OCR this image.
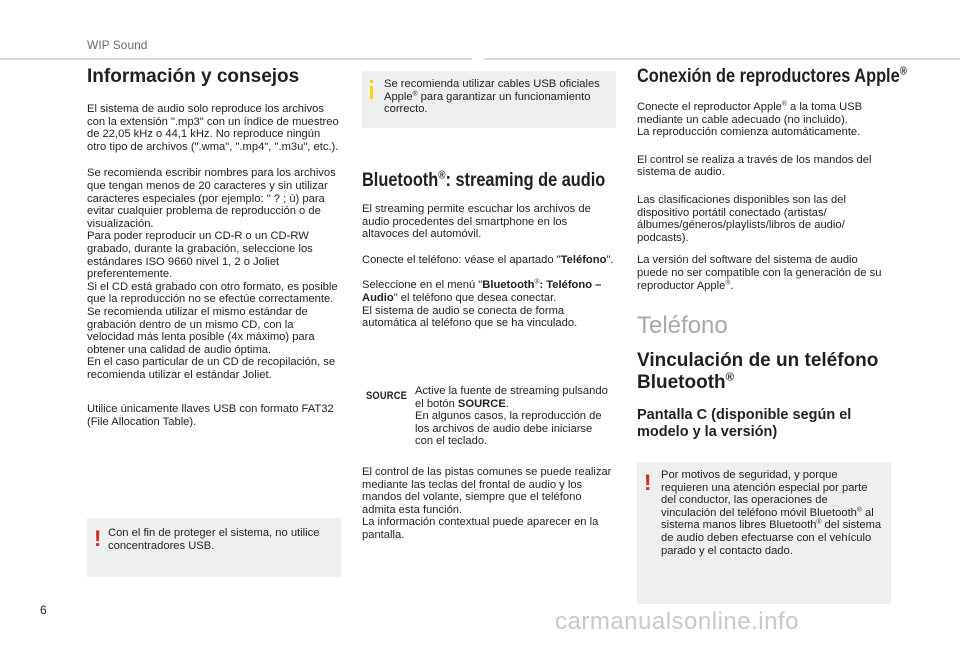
WIP Sound
Información y consejos

El sistema de audio solo reproduce los archivos con la extensión ".mp3" con un índice de muestreo de 22,05 kHz o 44,1 kHz. No reproduce ningún otro tipo de archivos (".wma", ".mp4", ".m3u", etc.).

Se recomienda escribir nombres para los archivos que tengan menos de 20 caracteres y sin utilizar caracteres especiales (por ejemplo: " ? ; ù) para evitar cualquier problema de reproducción o de visualización.
Para poder reproducir un CD-R o un CD-RW grabado, durante la grabación, seleccione los estándares ISO 9660 nivel 1, 2 o Joliet preferentemente.
Si el CD está grabado con otro formato, es posible que la reproducción no se efectúe correctamente.
Se recomienda utilizar el mismo estándar de grabación dentro de un mismo CD, con la velocidad más lenta posible (4x máximo) para obtener una calidad de audio óptima.
En el caso particular de un CD de recopilación, se recomienda utilizar el estándar Joliet.

Utilice únicamente llaves USB con formato FAT32 (File Allocation Table).

! Con el fin de proteger el sistema, no utilice concentradores USB.

Se recomienda utilizar cables USB oficiales Apple® para garantizar un funcionamiento correcto.

Bluetooth®: streaming de audio

El streaming permite escuchar los archivos de audio procedentes del smartphone en los altavoces del automóvil.

Conecte el teléfono: véase el apartado "Teléfono".

Seleccione en el menú "Bluetooth®: Teléfono – Audio" el teléfono que desea conectar.
El sistema de audio se conecta de forma automática al teléfono que se ha vinculado.

SOURCE Active la fuente de streaming pulsando el botón SOURCE.
En algunos casos, la reproducción de los archivos de audio debe iniciarse con el teclado.

El control de las pistas comunes se puede realizar mediante las teclas del frontal de audio y los mandos del volante, siempre que el teléfono admita esta función.
La información contextual puede aparecer en la pantalla.

Conexión de reproductores Apple®

Conecte el reproductor Apple® a la toma USB mediante un cable adecuado (no incluido).
La reproducción comienza automáticamente.

El control se realiza a través de los mandos del sistema de audio.

Las clasificaciones disponibles son las del dispositivo portátil conectado (artistas/ álbumes/géneros/playlists/libros de audio/ podcasts).

La versión del software del sistema de audio puede no ser compatible con la generación de su reproductor Apple®.

Teléfono

Vinculación de un teléfono Bluetooth®
Pantalla C (disponible según el modelo y la versión)
! Por motivos de seguridad, y porque requieren una atención especial por parte del conductor, las operaciones de vinculación del teléfono móvil Bluetooth® al sistema manos libres Bluetooth® del sistema de audio deben efectuarse con el vehículo parado y el contacto dado.

6	carmanualsonline.info
